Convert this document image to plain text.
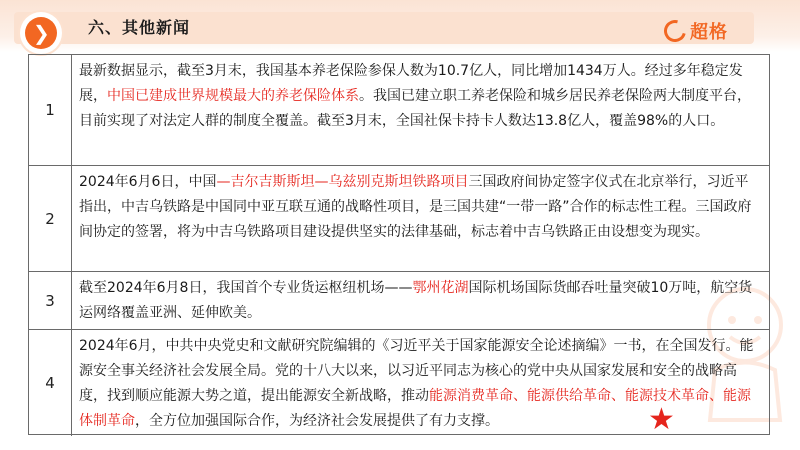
❯ 六、其他新闻	超格
1
最新数据显示，截至3月末，我国基本养老保险参保人数为10.7亿人，同比增加1434万人。经过多年稳定发展，中国已建成世界规模最大的养老保险体系。我国已建立职工养老保险和城乡居民养老保险两大制度平台，目前实现了对法定人群的制度全覆盖。截至3月末，全国社保卡持卡人数达13.8亿人，覆盖98%的人口。
2
2024年6月6日，中国—吉尔吉斯斯坦—乌兹别克斯坦铁路项目三国政府间协定签字仪式在北京举行，习近平指出，中吉乌铁路是中国同中亚互联互通的战略性项目，是三国共建“一带一路”合作的标志性工程。三国政府间协定的签署，将为中吉乌铁路项目建设提供坚实的法律基础，标志着中吉乌铁路正由设想变为现实。
3
截至2024年6月8日，我国首个专业货运枢纽机场——鄂州花湖国际机场国际货邮吞吐量突破10万吨，航空货运网络覆盖亚洲、延伸欧美。
4
2024年6月，中共中央党史和文献研究院编辑的《习近平关于国家能源安全论述摘编》一书，在全国发行。能源安全事关经济社会发展全局。党的十八大以来，以习近平同志为核心的党中央从国家发展和安全的战略高度，找到顺应能源大势之道，提出能源安全新战略，推动能源消费革命、能源供给革命、能源技术革命、能源体制革命，全方位加强国际合作，为经济社会发展提供了有力支撑。	★
